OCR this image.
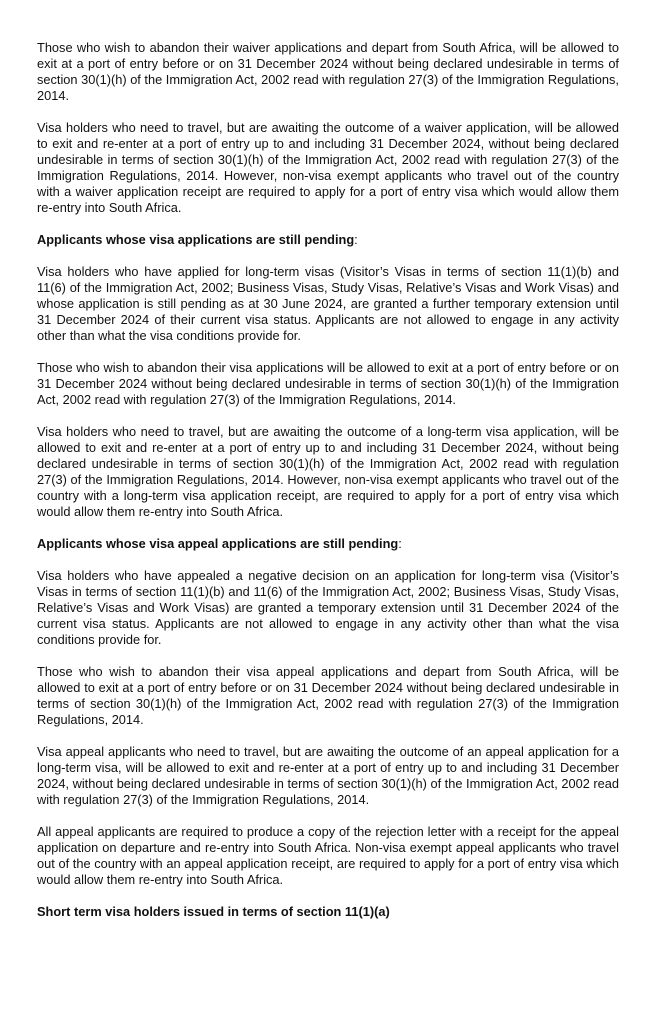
Those who wish to abandon their waiver applications and depart from South Africa, will be allowed to exit at a port of entry before or on 31 December 2024 without being declared undesirable in terms of section 30(1)(h) of the Immigration Act, 2002 read with regulation 27(3) of the Immigration Regulations, 2014.

Visa holders who need to travel, but are awaiting the outcome of a waiver application, will be allowed to exit and re-enter at a port of entry up to and including 31 December 2024, without being declared undesirable in terms of section 30(1)(h) of the Immigration Act, 2002 read with regulation 27(3) of the Immigration Regulations, 2014. However, non-visa exempt applicants who travel out of the country with a waiver application receipt are required to apply for a port of entry visa which would allow them re-entry into South Africa.

Applicants whose visa applications are still pending:

Visa holders who have applied for long-term visas (Visitor’s Visas in terms of section 11(1)(b) and 11(6) of the Immigration Act, 2002; Business Visas, Study Visas, Relative’s Visas and Work Visas) and whose application is still pending as at 30 June 2024, are granted a further temporary extension until 31 December 2024 of their current visa status. Applicants are not allowed to engage in any activity other than what the visa conditions provide for.

Those who wish to abandon their visa applications will be allowed to exit at a port of entry before or on 31 December 2024 without being declared undesirable in terms of section 30(1)(h) of the Immigration Act, 2002 read with regulation 27(3) of the Immigration Regulations, 2014.

Visa holders who need to travel, but are awaiting the outcome of a long-term visa application, will be allowed to exit and re-enter at a port of entry up to and including 31 December 2024, without being declared undesirable in terms of section 30(1)(h) of the Immigration Act, 2002 read with regulation 27(3) of the Immigration Regulations, 2014. However, non-visa exempt applicants who travel out of the country with a long-term visa application receipt, are required to apply for a port of entry visa which would allow them re-entry into South Africa.

Applicants whose visa appeal applications are still pending:

Visa holders who have appealed a negative decision on an application for long-term visa (Visitor’s Visas in terms of section 11(1)(b) and 11(6) of the Immigration Act, 2002; Business Visas, Study Visas, Relative’s Visas and Work Visas) are granted a temporary extension until 31 December 2024 of the current visa status. Applicants are not allowed to engage in any activity other than what the visa conditions provide for.

Those who wish to abandon their visa appeal applications and depart from South Africa, will be allowed to exit at a port of entry before or on 31 December 2024 without being declared undesirable in terms of section 30(1)(h) of the Immigration Act, 2002 read with regulation 27(3) of the Immigration Regulations, 2014.

Visa appeal applicants who need to travel, but are awaiting the outcome of an appeal application for a long-term visa, will be allowed to exit and re-enter at a port of entry up to and including 31 December 2024, without being declared undesirable in terms of section 30(1)(h) of the Immigration Act, 2002 read with regulation 27(3) of the Immigration Regulations, 2014.

All appeal applicants are required to produce a copy of the rejection letter with a receipt for the appeal application on departure and re-entry into South Africa. Non-visa exempt appeal applicants who travel out of the country with an appeal application receipt, are required to apply for a port of entry visa which would allow them re-entry into South Africa.

Short term visa holders issued in terms of section 11(1)(a)
